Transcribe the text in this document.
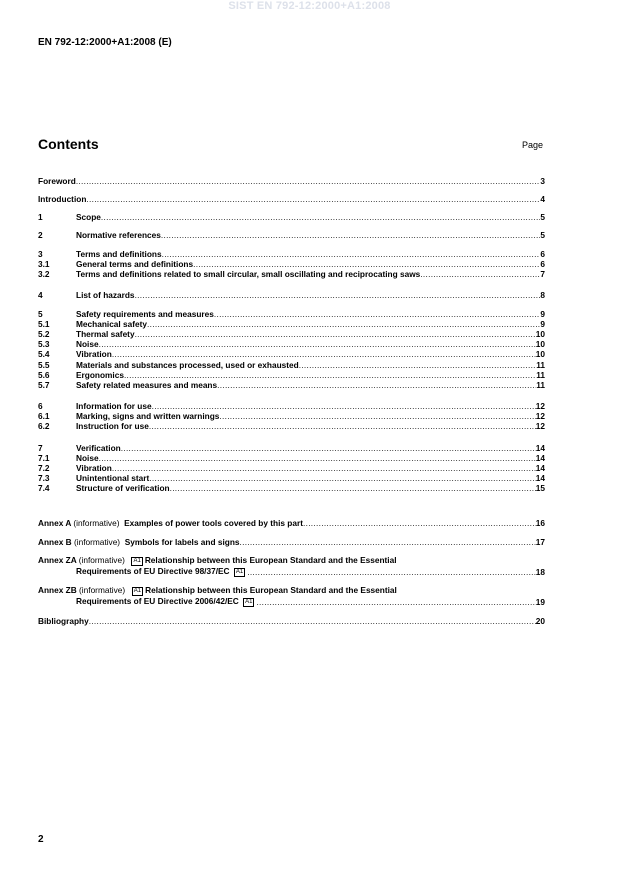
SIST EN 792-12:2000+A1:2008
EN 792-12:2000+A1:2008 (E)
Contents	Page
Foreword .....	3
Introduction .....	4
1	Scope .....	5
2	Normative references .....	5
3	Terms and definitions .....	6
3.1	General terms and definitions .....	6
3.2	Terms and definitions related to small circular, small oscillating and reciprocating saws .....	7
4	List of hazards .....	8
5	Safety requirements and measures .....	9
5.1	Mechanical safety .....	9
5.2	Thermal safety .....	10
5.3	Noise .....	10
5.4	Vibration .....	10
5.5	Materials and substances processed, used or exhausted .....	11
5.6	Ergonomics .....	11
5.7	Safety related measures and means .....	11
6	Information for use .....	12
6.1	Marking, signs and written warnings .....	12
6.2	Instruction for use .....	12
7	Verification .....	14
7.1	Noise .....	14
7.2	Vibration .....	14
7.3	Unintentional start .....	14
7.4	Structure of verification .....	15
Annex A (informative) Examples of power tools covered by this part .....	16
Annex B (informative) Symbols for labels and signs .....	17
Annex ZA (informative) A1 Relationship between this European Standard and the Essential
Requirements of EU Directive 98/37/EC A1 .....	18
Annex ZB (informative) A1 Relationship between this European Standard and the Essential
Requirements of EU Directive 2006/42/EC A1 .....	19
Bibliography .....	20
2
